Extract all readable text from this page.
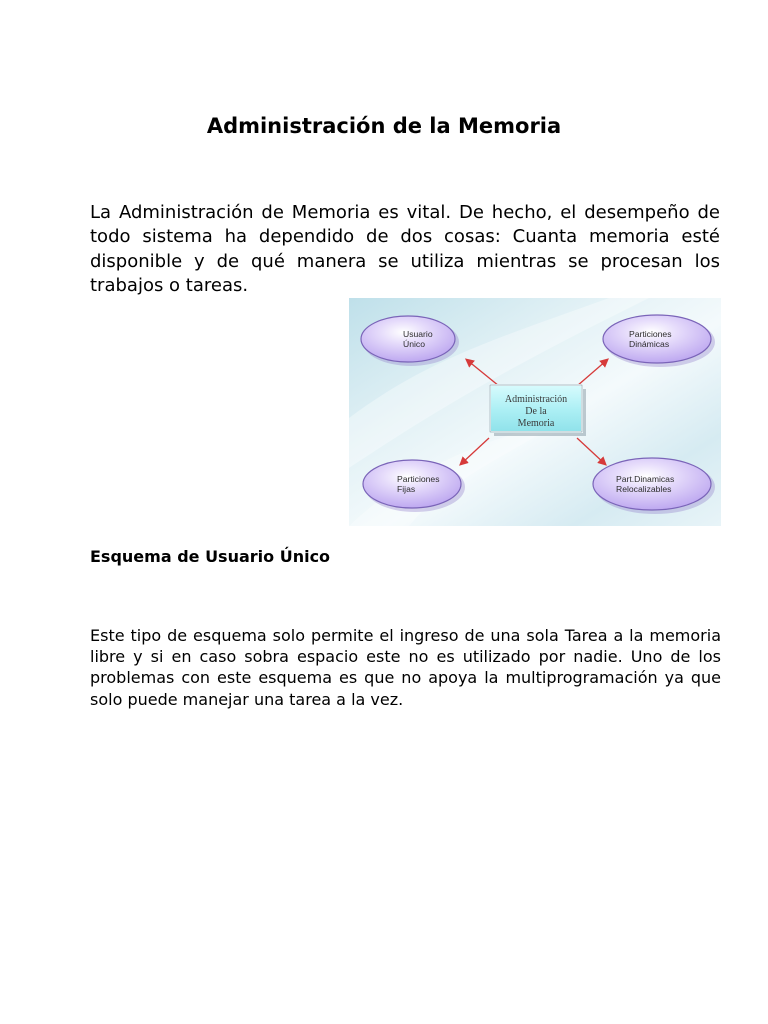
Administración de la Memoria

La Administración de Memoria es vital. De hecho, el desempeño de todo sistema ha dependido de dos cosas: Cuanta memoria esté disponible y de qué manera se utiliza mientras se procesan los trabajos o tareas.

Usuario
Único
Particiones
Dinámicas
Administración
De la
Memoria
Particiones
Fijas
Part.Dinamicas
Relocalizables
Esquema de Usuario Único

Este tipo de esquema solo permite el ingreso de una sola Tarea a la memoria libre y si en caso sobra espacio este no es utilizado por nadie. Uno de los problemas con este esquema es que no apoya la multiprogramación ya que solo puede manejar una tarea a la vez.
